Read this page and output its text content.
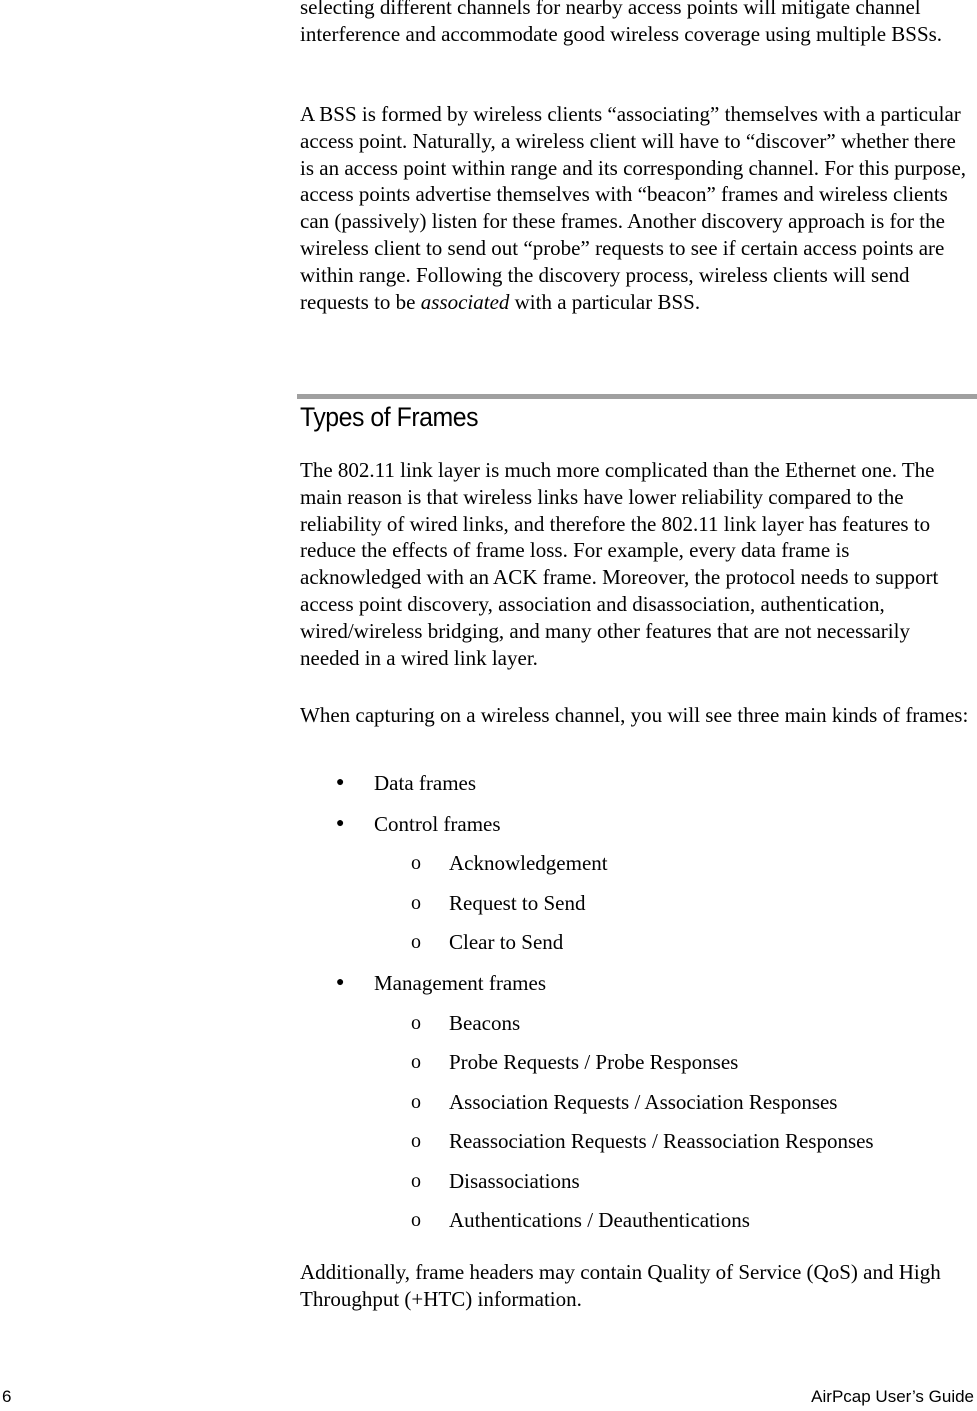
selecting different channels for nearby access points will mitigate channel interference and accommodate good wireless coverage using multiple BSSs.

A BSS is formed by wireless clients “associating” themselves with a particular access point. Naturally, a wireless client will have to “discover” whether there is an access point within range and its corresponding channel. For this purpose, access points advertise themselves with “beacon” frames and wireless clients can (passively) listen for these frames. Another discovery approach is for the wireless client to send out “probe” requests to see if certain access points are within range. Following the discovery process, wireless clients will send requests to be associated with a particular BSS.

The 802.11 link layer is much more complicated than the Ethernet one. The main reason is that wireless links have lower reliability compared to the reliability of wired links, and therefore the 802.11 link layer has features to reduce the effects of frame loss. For example, every data frame is acknowledged with an ACK frame. Moreover, the protocol needs to support access point discovery, association and disassociation, authentication, wired/wireless bridging, and many other features that are not necessarily needed in a wired link layer.

When capturing on a wireless channel, you will see three main kinds of frames:

● Data frames
● Control frames
o Acknowledgement
o Request to Send
o Clear to Send
● Management frames
o Beacons
o Probe Requests / Probe Responses
o Association Requests / Association Responses
o Reassociation Requests / Reassociation Responses
o Disassociations
o Authentications / Deauthentications

Additionally, frame headers may contain Quality of Service (QoS) and High Throughput (+HTC) information.

Types of Frames
6	AirPcap User’s Guide
